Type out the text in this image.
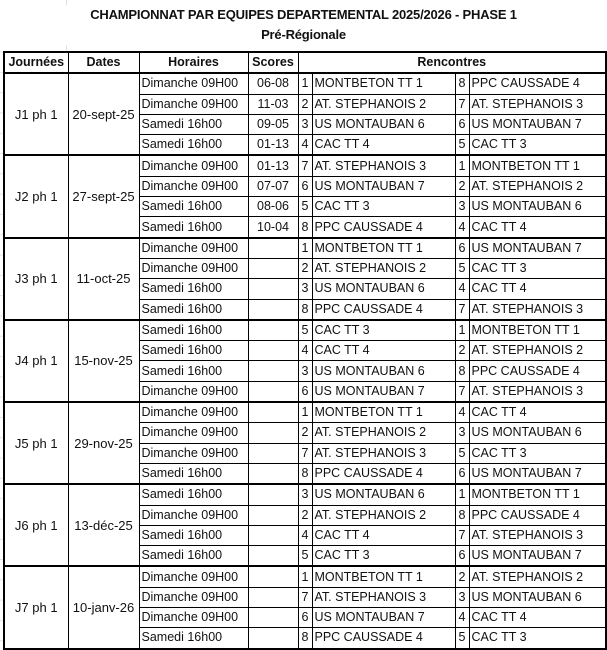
CHAMPIONNAT PAR EQUIPES DEPARTEMENTAL 2025/2026 - PHASE 1
Pré-Régionale
Journées	Dates	Horaires	Scores	Rencontres			
J1 ph 1	20-sept-25	Dimanche 09H00	06-08	1	MONTBETON TT 1	8	PPC CAUSSADE 4
		Dimanche 09H00	11-03	2	AT. STEPHANOIS 2	7	AT. STEPHANOIS 3
		Samedi 16h00	09-05	3	US MONTAUBAN 6	6	US MONTAUBAN 7
		Samedi 16h00	01-13	4	CAC TT 4	5	CAC TT 3
J2 ph 1	27-sept-25	Dimanche 09H00	01-13	7	AT. STEPHANOIS 3	1	MONTBETON TT 1
		Dimanche 09H00	07-07	6	US MONTAUBAN 7	2	AT. STEPHANOIS 2
		Samedi 16h00	08-06	5	CAC TT 3	3	US MONTAUBAN 6
		Samedi 16h00	10-04	8	PPC CAUSSADE 4	4	CAC TT 4
J3 ph 1	11-oct-25	Dimanche 09H00		1	MONTBETON TT 1	6	US MONTAUBAN 7
		Dimanche 09H00		2	AT. STEPHANOIS 2	5	CAC TT 3
		Samedi 16h00		3	US MONTAUBAN 6	4	CAC TT 4
		Samedi 16h00		8	PPC CAUSSADE 4	7	AT. STEPHANOIS 3
J4 ph 1	15-nov-25	Samedi 16h00		5	CAC TT 3	1	MONTBETON TT 1
		Samedi 16h00		4	CAC TT 4	2	AT. STEPHANOIS 2
		Samedi 16h00		3	US MONTAUBAN 6	8	PPC CAUSSADE 4
		Dimanche 09H00		6	US MONTAUBAN 7	7	AT. STEPHANOIS 3
J5 ph 1	29-nov-25	Dimanche 09H00		1	MONTBETON TT 1	4	CAC TT 4
		Dimanche 09H00		2	AT. STEPHANOIS 2	3	US MONTAUBAN 6
		Dimanche 09H00		7	AT. STEPHANOIS 3	5	CAC TT 3
		Samedi 16h00		8	PPC CAUSSADE 4	6	US MONTAUBAN 7
J6 ph 1	13-déc-25	Samedi 16h00		3	US MONTAUBAN 6	1	MONTBETON TT 1
		Dimanche 09H00		2	AT. STEPHANOIS 2	8	PPC CAUSSADE 4
		Samedi 16h00		4	CAC TT 4	7	AT. STEPHANOIS 3
		Samedi 16h00		5	CAC TT 3	6	US MONTAUBAN 7
J7 ph 1	10-janv-26	Dimanche 09H00		1	MONTBETON TT 1	2	AT. STEPHANOIS 2
		Dimanche 09H00		7	AT. STEPHANOIS 3	3	US MONTAUBAN 6
		Dimanche 09H00		6	US MONTAUBAN 7	4	CAC TT 4
		Samedi 16h00		8	PPC CAUSSADE 4	5	CAC TT 3
